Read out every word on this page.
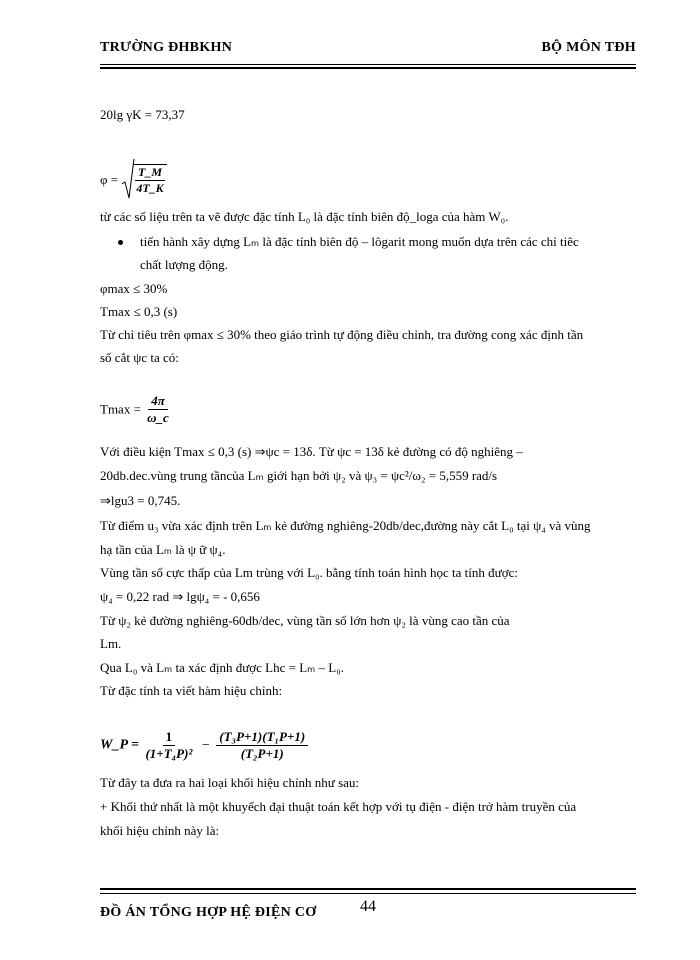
TRƯỜNG ĐHBKHN	BỘ MÔN TĐH
20lg γK = 73,37
$\varphi = \frac{T\_M}{4T\_K}$
từ các số liệu trên ta vẽ được đặc tính L₀ là đặc tính biên độ_loga của hàm W₀.
tiến hành xây dựng Lₘ là đặc tính biên độ – lôgarit mong muốn dựa trên các chỉ tiêc
chất lượng động.
φmax ≤ 30%
Tmax ≤ 0,3 (s)
Từ chỉ tiêu trên φmax ≤ 30% theo giáo trình tự động điều chỉnh, tra đường cong xác định tần
số cắt ψc ta có:
$Tmax = \frac{4\pi}{\omega\_c}$
Với điều kiện Tmax ≤ 0,3 (s) ⇒ψc = 13δ. Từ ψc = 13δ kẻ đường có độ nghiêng –
20db.dec.vùng trung tầncủa Lₘ giới hạn bởi ψ₂ và ψ₃ = ψc²/ω₂ = 5,559 rad/s
⇒lgu3 = 0,745.
Từ điểm u₃ vừa xác định trên Lₘ kẻ đường nghiêng-20db/dec,đường này cắt L₀ tại ψ₄ và vùng
hạ tần của Lₘ là ψ ữ ψ₄.
Vùng tần số cực thấp của Lm trùng với L₀. bằng tính toán hình học ta tính được:
ψ₄ = 0,22 rad ⇒ lgψ₄ = - 0,656
Từ ψ₂ kẻ đường nghiêng-60db/dec, vùng tần số lớn hơn ψ₂ là vùng cao tần của
Lm.
Qua L₀ và Lₘ ta xác định được Lhc = Lₘ – L₀.
Từ đặc tính ta viết hàm hiệu chỉnh:
W_P = $\frac{1}{\text{(1+T₄P)²}} - \frac{\text{(T₃P+1)(T₁P+1)}}{\text{(T₂P+1)}}$
Từ đây ta đưa ra hai loại khối hiệu chỉnh như sau:
+ Khối thứ nhất là một khuyếch đại thuật toán kết hợp với tụ điện - điện trở hàm truyền của
khối hiệu chỉnh này là:
ĐỒ ÁN TỔNG HỢP HỆ ĐIỆN CƠ	44
